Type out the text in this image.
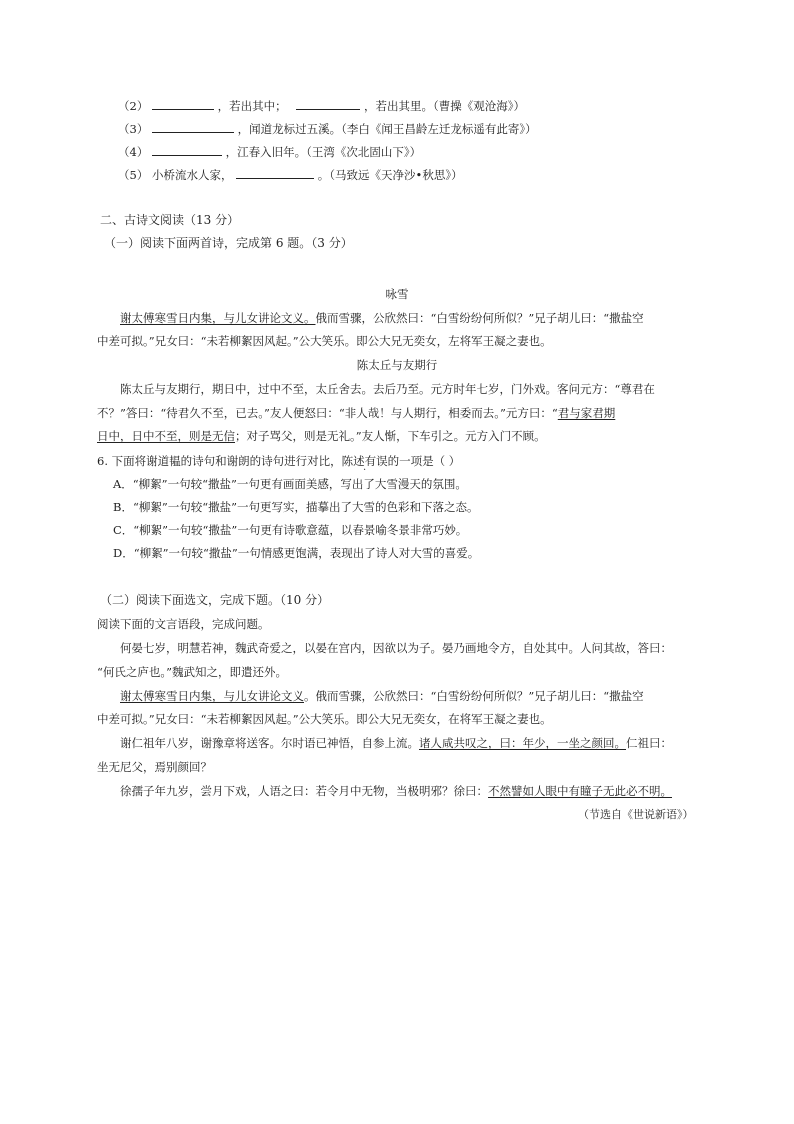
（2）	，若出其中；	，若出其里。（曹操《观沧海》）
（3）	，闻道龙标过五溪。（李白《闻王昌龄左迁龙标遥有此寄》）
（4）	，江春入旧年。（王湾《次北固山下》）
（5） 小桥流水人家，	。（马致远《天净沙•秋思》）
二、古诗文阅读（13 分）
（一）阅读下面两首诗，完成第 6 题。（3 分）
咏雪
谢太傅寒雪日内集，与儿女讲论文义。俄而雪骤，公欣然曰：“白雪纷纷何所似？”兄子胡儿曰：“撒盐空
中差可拟。”兄女曰：“未若柳絮因风起。”公大笑乐。即公大兄无奕女，左将军王凝之妻也。
陈太丘与友期行
陈太丘与友期行，期日中，过中不至，太丘舍去。去后乃至。元方时年七岁，门外戏。客问元方：“尊君在
不？”答曰：“待君久不至，已去。”友人便怒曰：“非人哉！与人期行，相委而去。”元方曰：“君与家君期
日中，日中不至，则是无信；对子骂父，则是无礼。”友人惭，下车引之。元方入门不顾。
6. 下面将谢道韫的诗句和谢朗的诗句进行对比，陈述有误的一项是（ ）
A．“柳絮”一句较“撒盐”一句更有画面美感，写出了大雪漫天的氛围。
B．“柳絮”一句较“撒盐”一句更写实，描摹出了大雪的色彩和下落之态。
C．“柳絮”一句较“撒盐”一句更有诗歌意蕴，以春景喻冬景非常巧妙。
D．“柳絮”一句较“撒盐”一句情感更饱满，表现出了诗人对大雪的喜爱。
（二）阅读下面选文，完成下题。（10 分）
阅读下面的文言语段，完成问题。
何晏七岁，明慧若神，魏武奇爱之，以晏在宫内，因欲以为子。晏乃画地令方，自处其中。人问其故，答曰：
“何氏之庐也。”魏武知之，即遣还外。
谢太傅寒雪日内集，与儿女讲论文义。俄而雪骤，公欣然曰：“白雪纷纷何所似？”兄子胡儿曰：“撒盐空
中差可拟。”兄女曰：“未若柳絮因风起。”公大笑乐。即公大兄无奕女，在将军王凝之妻也。
谢仁祖年八岁，谢豫章将送客。尔时语已神悟，自参上流。诸人咸共叹之，曰：年少，一坐之颜回。仁祖曰：
坐无尼父，焉别颜回？
徐孺子年九岁，尝月下戏，人语之曰：若令月中无物，当极明邪？徐曰：不然譬如人眼中有瞳子无此必不明。
（节选自《世说新语》）
